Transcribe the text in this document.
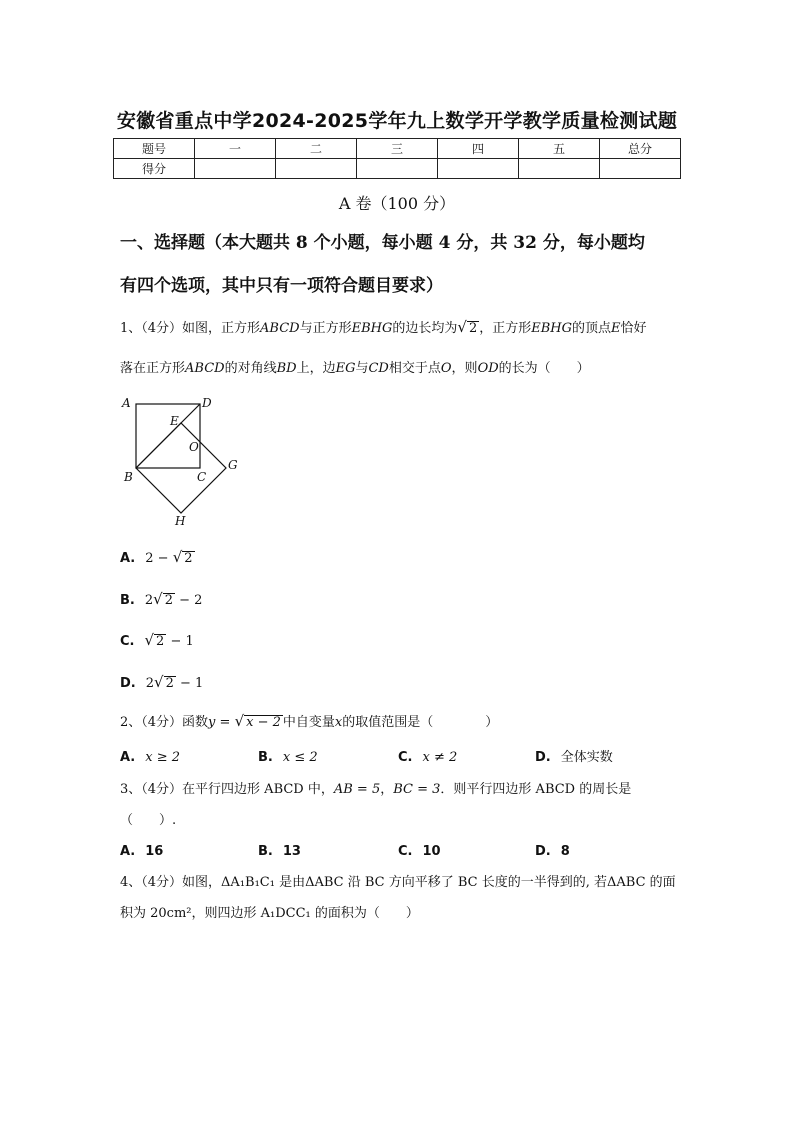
安徽省重点中学2024-2025学年九上数学开学教学质量检测试题
题号	一	二	三	四	五	总分
得分						
A 卷（100 分）
一、选择题（本大题共 8 个小题，每小题 4 分，共 32 分，每小题均
有四个选项，其中只有一项符合题目要求）
1、（4分）如图，正方形ABCD与正方形EBHG的边长均为√ 2 ，正方形EBHG的顶点E恰好
落在正方形ABCD的对角线BD上，边EG与CD相交于点O，则OD的长为（　　）
A	D
E
O
G
B	C
H
A. 2 − √ 2
B. 2√ 2 − 2
C. √ 2 − 1
D. 2√ 2 − 1
2、（4分）函数y = √ x − 2 中自变量x的取值范围是（　　　　）
A. x ≥ 2	B. x ≤ 2	C. x ≠ 2	D. 全体实数
3、（4分）在平行四边形 ABCD 中，AB = 5，BC = 3．则平行四边形 ABCD 的周长是
（　　）.
A. 16	B. 13	C. 10	D. 8
4、（4分）如图，ΔA₁B₁C₁ 是由ΔABC 沿 BC 方向平移了 BC 长度的一半得到的, 若ΔABC 的面
积为 20cm²，则四边形 A₁DCC₁ 的面积为（　　）
